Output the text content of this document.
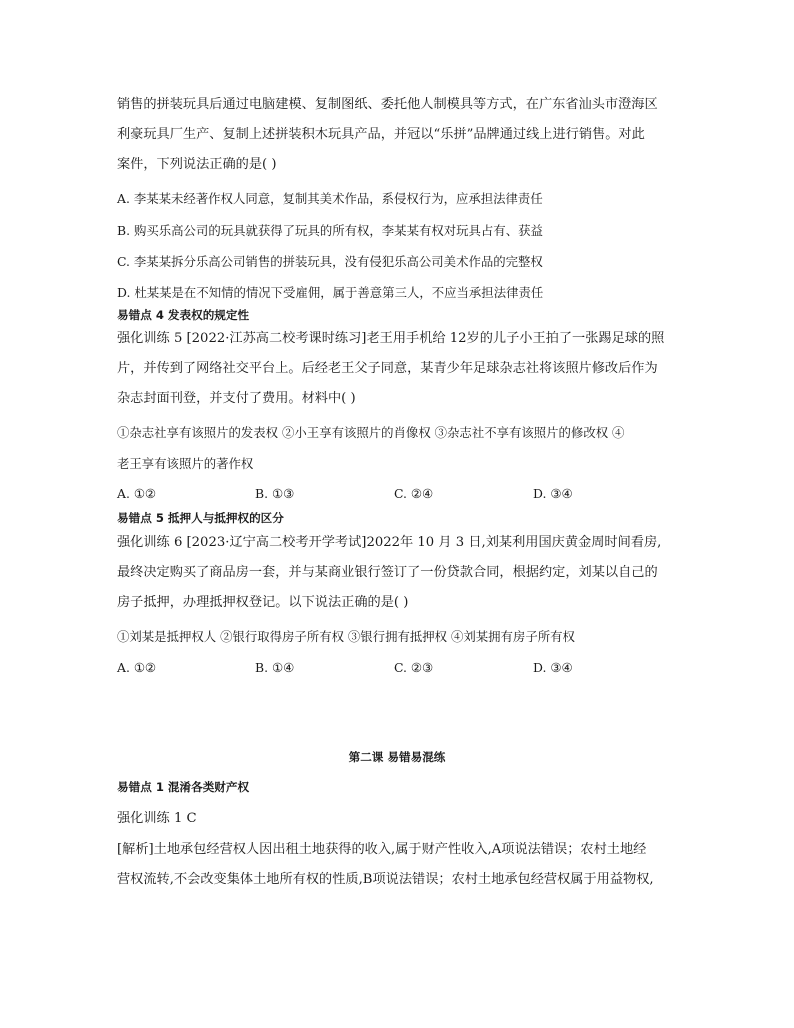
销售的拼装玩具后通过电脑建模、复制图纸、委托他人制模具等方式，在广东省汕头市澄海区
利豪玩具厂生产、复制上述拼装积木玩具产品，并冠以“乐拼”品牌通过线上进行销售。对此
案件，下列说法正确的是( )
A. 李某某未经著作权人同意，复制其美术作品，系侵权行为，应承担法律责任
B. 购买乐高公司的玩具就获得了玩具的所有权，李某某有权对玩具占有、获益
C. 李某某拆分乐高公司销售的拼装玩具，没有侵犯乐高公司美术作品的完整权
D. 杜某某是在不知情的情况下受雇佣，属于善意第三人，不应当承担法律责任
易错点 4 发表权的规定性
强化训练 5 [2022·江苏高二校考课时练习]老王用手机给 12岁的儿子小王拍了一张踢足球的照
片，并传到了网络社交平台上。后经老王父子同意，某青少年足球杂志社将该照片修改后作为
杂志封面刊登，并支付了费用。材料中( )
①杂志社享有该照片的发表权 ②小王享有该照片的肖像权 ③杂志社不享有该照片的修改权 ④
老王享有该照片的著作权
A. ①②	B. ①③	C. ②④	D. ③④
易错点 5 抵押人与抵押权的区分
强化训练 6 [2023·辽宁高二校考开学考试]2022年 10 月 3 日,刘某利用国庆黄金周时间看房,
最终决定购买了商品房一套，并与某商业银行签订了一份贷款合同，根据约定，刘某以自己的
房子抵押，办理抵押权登记。以下说法正确的是( )
①刘某是抵押权人 ②银行取得房子所有权 ③银行拥有抵押权 ④刘某拥有房子所有权
A. ①②	B. ①④	C. ②③	D. ③④
第二课 易错易混练
易错点 1 混淆各类财产权
强化训练 1 C
[解析]土地承包经营权人因出租土地获得的收入,属于财产性收入,A项说法错误；农村土地经
营权流转,不会改变集体土地所有权的性质,B项说法错误；农村土地承包经营权属于用益物权,
